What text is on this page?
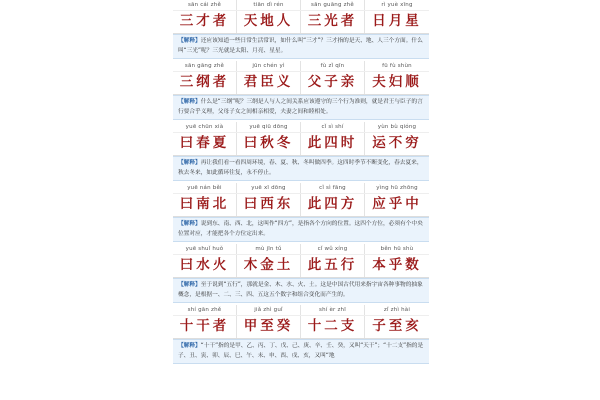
sān cái zhě	tiān dì rén	sān guāng zhě	rì yuè xīng
三才者	天地人	三光者	日月星
【解释】还应该知道一些日常生活常识，如什么叫“三才”？三才指的是天、地、人三个方面。什么叫“三光”呢？三光就是太阳、月亮、星星。
sān gāng zhě	jūn chén yì	fù zǐ qīn	fū fù shùn
三纲者	君臣义	父子亲	夫妇顺
【解释】什么是“三纲”呢？三纲是人与人之间关系应该遵守的三个行为准则，就是君王与臣子的言行要合乎义理，父母子女之间相亲相爱，夫妻之间和睦相处。
yuē chūn xià	yuē qiū dōng	cǐ sì shí	yùn bù qióng
曰春夏	曰秋冬	此四时	运不穷
【解释】再让我们看一看四周环境，春、夏、秋、冬叫做四季。这四时季节不断变化，春去夏来，秋去冬来，如此循环往复，永不停止。
yuē nán běi	yuē xī dōng	cǐ sì fāng	yìng hū zhōng
曰南北	曰西东	此四方	应乎中
【解释】说到东、南、西、北，这叫作“四方”，是指各个方向的位置。这四个方位，必须有个中央位置对应，才能把各个方位定出来。
yuē shuǐ huǒ	mù jīn tǔ	cǐ wǔ xíng	běn hū shù
曰水火	木金土	此五行	本乎数
【解释】至于说到“五行”，那就是金、木、水、火、土。这是中国古代用来指宇宙各种事物的抽象概念，是根据一、二、三、四、五这五个数字和组合变化而产生的。
shí gān zhě	jiǎ zhì guǐ	shí èr zhī	zǐ zhì hài
十干者	甲至癸	十二支	子至亥
【解释】“十干”指的是甲、乙、丙、丁、戊、己、庚、辛、壬、癸，又叫“天干”；“十二支”指的是子、丑、寅、卯、辰、巳、午、未、申、酉、戌、亥，又叫“地
